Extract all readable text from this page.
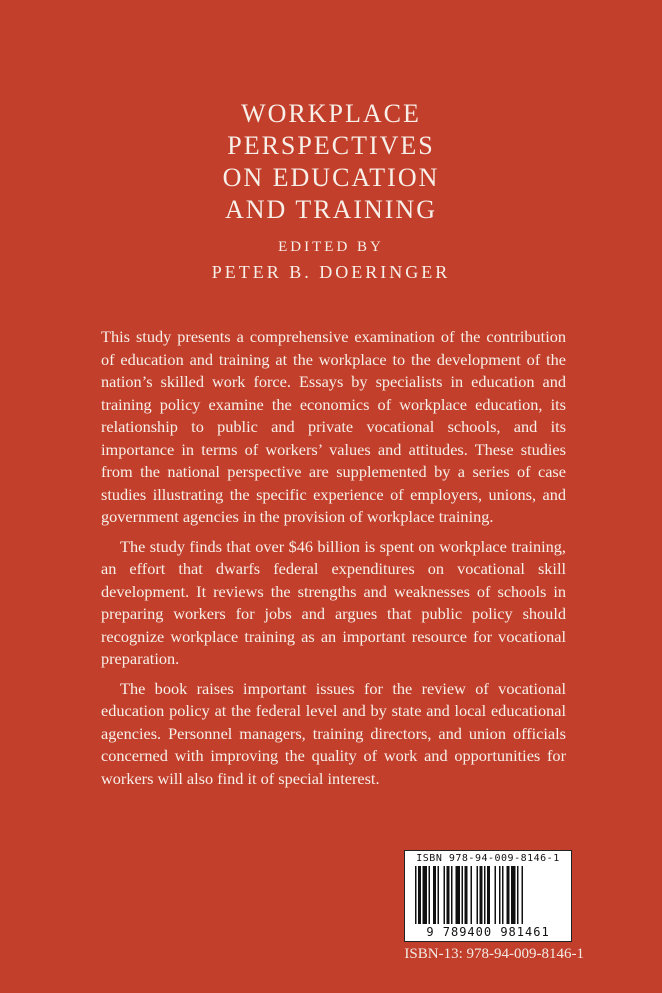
WORKPLACE
PERSPECTIVES
ON EDUCATION
AND TRAINING
EDITED BY
PETER B. DOERINGER

This study presents a comprehensive examination of the contribution of education and training at the workplace to the development of the nation’s skilled work force. Essays by specialists in education and training policy examine the economics of workplace education, its relationship to public and private vocational schools, and its importance in terms of workers’ values and attitudes. These studies from the national perspective are supplemented by a series of case studies illustrating the specific experience of employers, unions, and government agencies in the provision of workplace training.

The study finds that over $46 billion is spent on workplace training, an effort that dwarfs federal expenditures on vocational skill development. It reviews the strengths and weaknesses of schools in preparing workers for jobs and argues that public policy should recognize workplace training as an important resource for vocational preparation.

The book raises important issues for the review of vocational education policy at the federal level and by state and local educational agencies. Personnel managers, training directors, and union officials concerned with improving the quality of work and opportunities for workers will also find it of special interest.

ISBN 978-94-009-8146-1
9 789400 981461
ISBN-13: 978-94-009-8146-1
